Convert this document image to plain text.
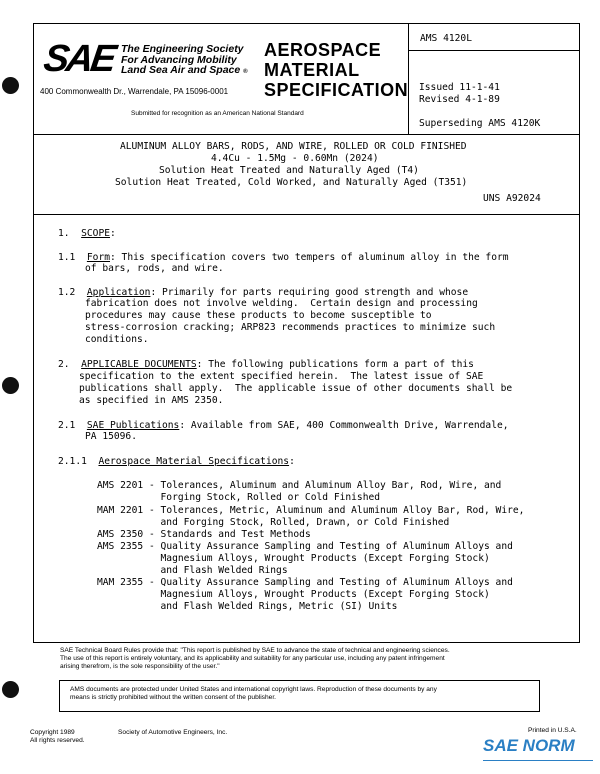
SAE The Engineering Society
For Advancing Mobility
Land Sea Air and Space ®
400 Commonwealth Dr., Warrendale, PA 15096-0001
AEROSPACE
MATERIAL
SPECIFICATION
Submitted for recognition as an American National Standard
AMS 4120L
Issued 11-1-41
Revised 4-1-89
Superseding AMS 4120K
ALUMINUM ALLOY BARS, RODS, AND WIRE, ROLLED OR COLD FINISHED
4.4Cu - 1.5Mg - 0.60Mn (2024)
Solution Heat Treated and Naturally Aged (T4)
Solution Heat Treated, Cold Worked, and Naturally Aged (T351)
UNS A92024
1. SCOPE:
1.1 Form: This specification covers two tempers of aluminum alloy in the form
of bars, rods, and wire.
1.2 Application: Primarily for parts requiring good strength and whose
fabrication does not involve welding.  Certain design and processing
procedures may cause these products to become susceptible to
stress-corrosion cracking; ARP823 recommends practices to minimize such
conditions.
2. APPLICABLE DOCUMENTS: The following publications form a part of this
specification to the extent specified herein.  The latest issue of SAE
publications shall apply.  The applicable issue of other documents shall be
as specified in AMS 2350.
2.1 SAE Publications: Available from SAE, 400 Commonwealth Drive, Warrendale,
PA 15096.
2.1.1 Aerospace Material Specifications:
AMS 2201 - Tolerances, Aluminum and Aluminum Alloy Bar, Rod, Wire, and
Forging Stock, Rolled or Cold Finished
MAM 2201 - Tolerances, Metric, Aluminum and Aluminum Alloy Bar, Rod, Wire,
and Forging Stock, Rolled, Drawn, or Cold Finished
AMS 2350 - Standards and Test Methods
AMS 2355 - Quality Assurance Sampling and Testing of Aluminum Alloys and
Magnesium Alloys, Wrought Products (Except Forging Stock)
and Flash Welded Rings
MAM 2355 - Quality Assurance Sampling and Testing of Aluminum Alloys and
Magnesium Alloys, Wrought Products (Except Forging Stock)
and Flash Welded Rings, Metric (SI) Units
SAE Technical Board Rules provide that: "This report is published by SAE to advance the state of technical and engineering sciences.
The use of this report is entirely voluntary, and its applicability and suitability for any particular use, including any patent infringement
arising therefrom, is the sole responsibility of the user."
AMS documents are protected under United States and international copyright laws. Reproduction of these documents by any
means is strictly prohibited without the written consent of the publisher.
Copyright 1989
All rights reserved.
Society of Automotive Engineers, Inc.	Printed in U.S.A.
SAE NORM
